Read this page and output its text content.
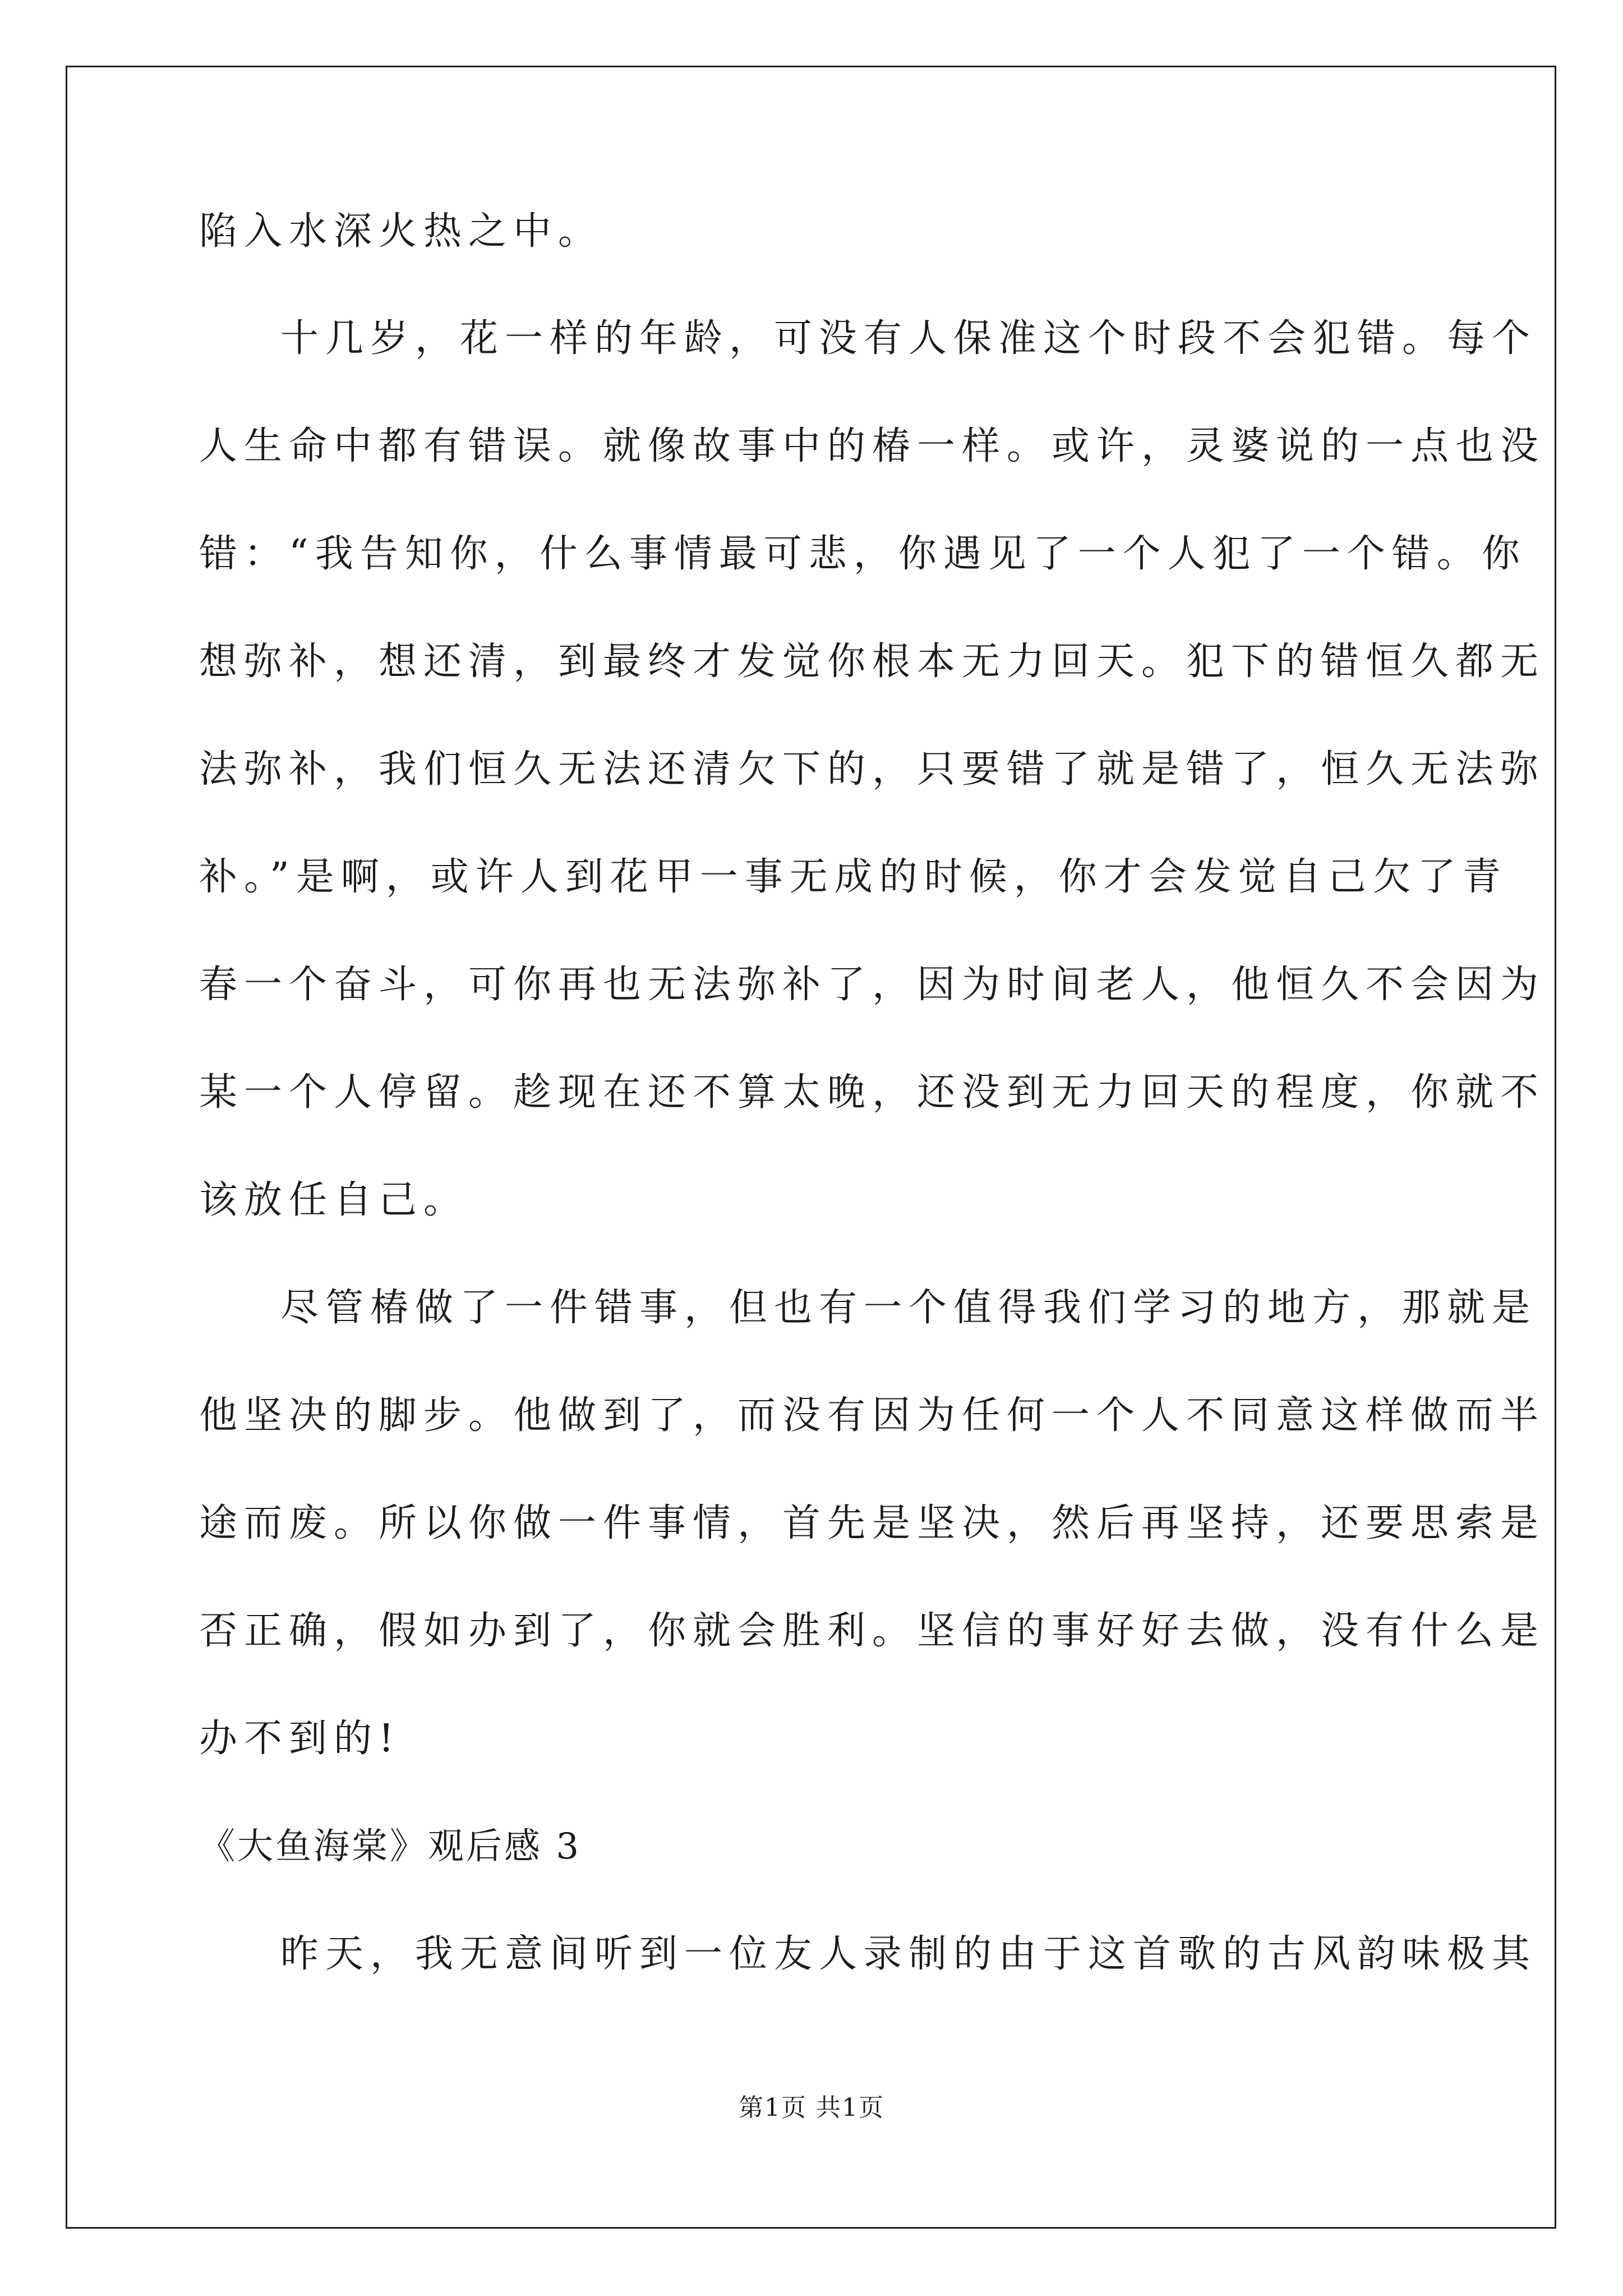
陷入水深火热之中。
十几岁，花一样的年龄，可没有人保准这个时段不会犯错。每个
人生命中都有错误。就像故事中的椿一样。或许，灵婆说的一点也没
错：“我告知你，什么事情最可悲，你遇见了一个人犯了一个错。你
想弥补，想还清，到最终才发觉你根本无力回天。犯下的错恒久都无
法弥补，我们恒久无法还清欠下的，只要错了就是错了，恒久无法弥
补。”是啊，或许人到花甲一事无成的时候，你才会发觉自己欠了青
春一个奋斗，可你再也无法弥补了，因为时间老人，他恒久不会因为
某一个人停留。趁现在还不算太晚，还没到无力回天的程度，你就不
该放任自己。
尽管椿做了一件错事，但也有一个值得我们学习的地方，那就是
他坚决的脚步。他做到了，而没有因为任何一个人不同意这样做而半
途而废。所以你做一件事情，首先是坚决，然后再坚持，还要思索是
否正确，假如办到了，你就会胜利。坚信的事好好去做，没有什么是
办不到的!
《大鱼海棠》观后感 3
昨天，我无意间听到一位友人录制的由于这首歌的古风韵味极其
第1页 共1页
